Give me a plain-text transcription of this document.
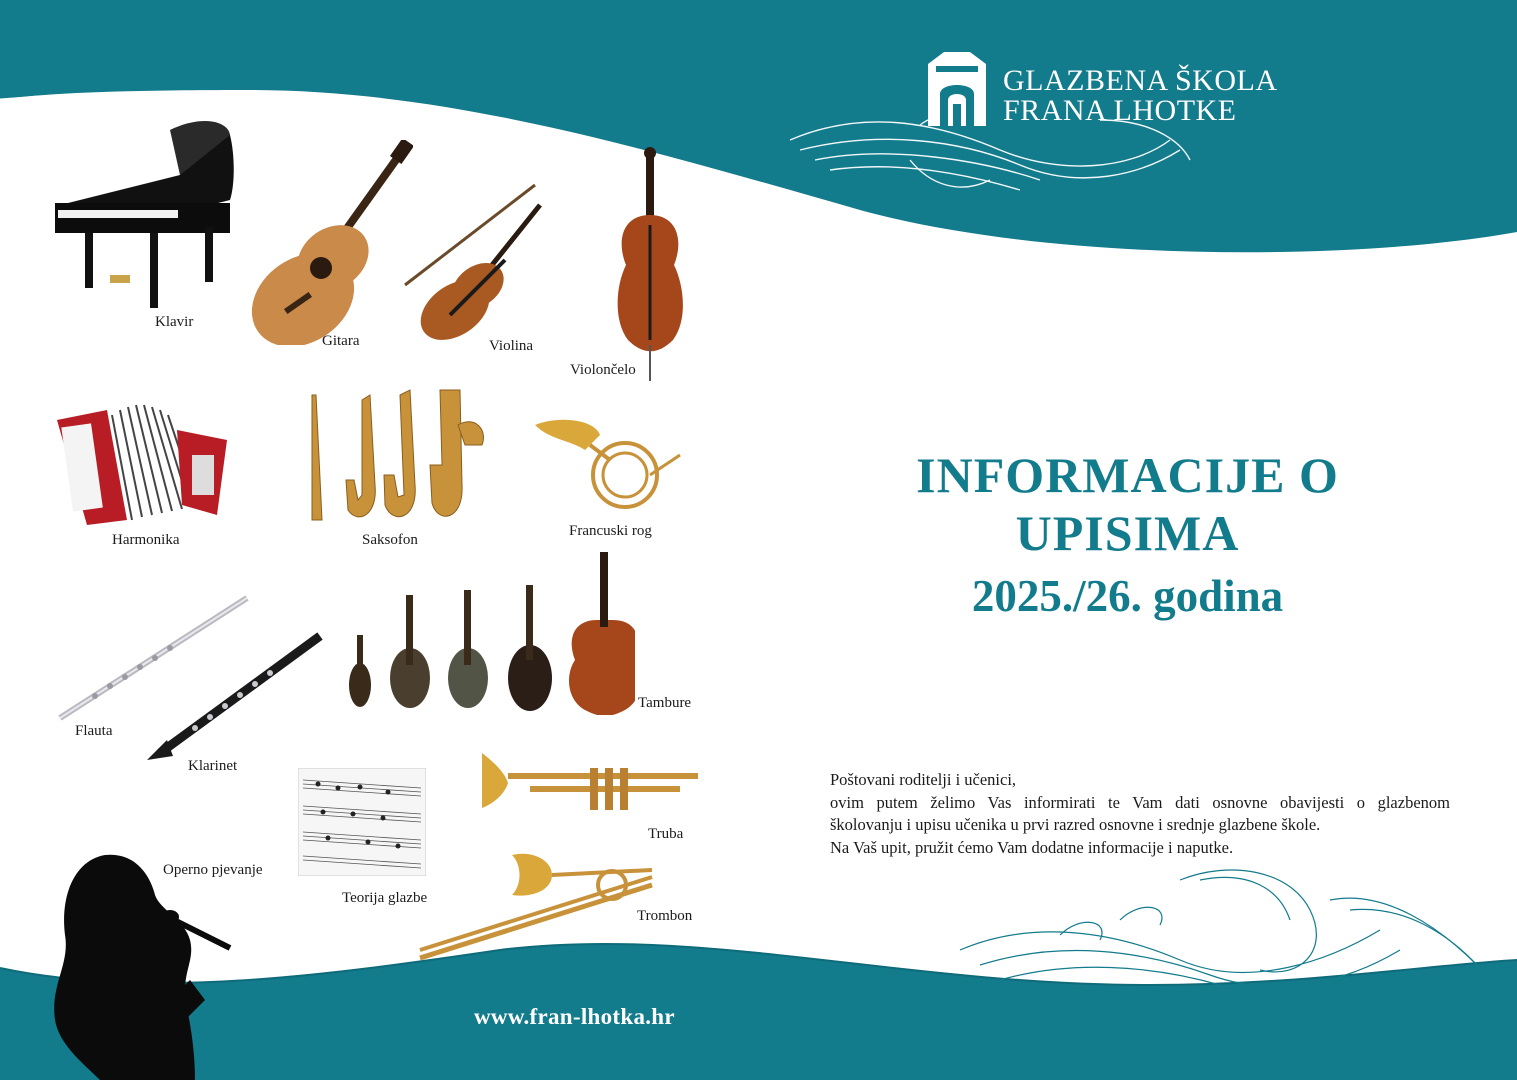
GLAZBENA ŠKOLA
FRANA LHOTKE
Klavir
Gitara	Violina
Violončelo
Harmonika	Saksofon
Francuski rog
Flauta
Klarinet
Tambure
Teorija glazbe
Truba
Trombon
Operno pjevanje
INFORMACIJE O
UPISIMA
2025./26. godina
Poštovani roditelji i učenici,
ovim putem želimo Vas informirati te Vam dati osnovne obavijesti o glazbenom
školovanju i upisu učenika u prvi razred osnovne i srednje glazbene škole.
Na Vaš upit, pružit ćemo Vam dodatne informacije i naputke.
www.fran-lhotka.hr
